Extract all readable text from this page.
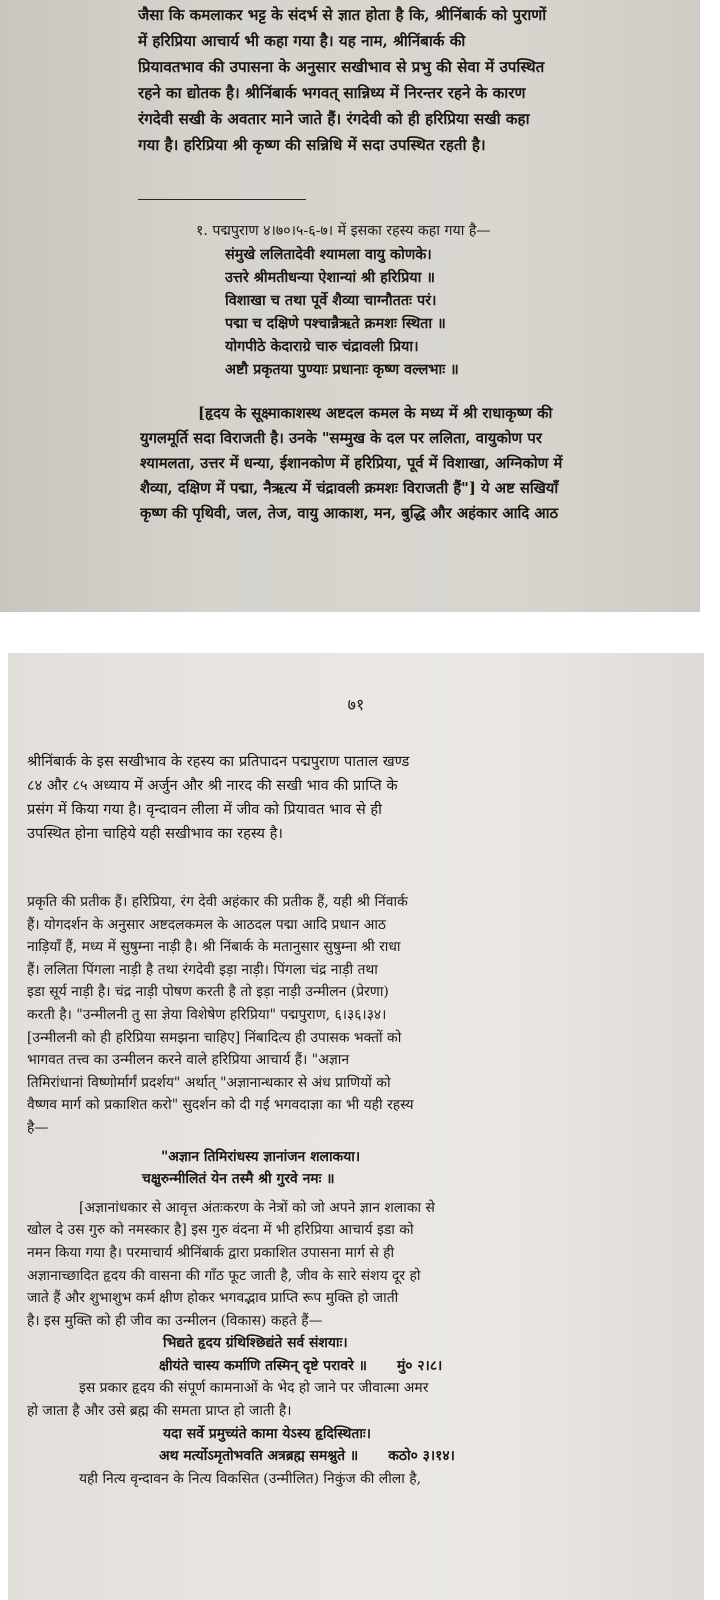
जैसा कि कमलाकर भट्ट के संदर्भ से ज्ञात होता है कि, श्रीनिंबार्क को पुराणों
में हरिप्रिया आचार्य भी कहा गया है। यह नाम, श्रीनिंबार्क की
प्रियावतभाव की उपासना के अनुसार सखीभाव से प्रभु की सेवा में उपस्थित
रहने का द्योतक है। श्रीनिंबार्क भगवत् सान्निध्य में निरन्तर रहने के कारण
रंगदेवी सखी के अवतार माने जाते हैं। रंगदेवी को ही हरिप्रिया सखी कहा
गया है। हरिप्रिया श्री कृष्ण की सन्निधि में सदा उपस्थित रहती है।
१. पद्मपुराण ४।७०।५-६-७। में इसका रहस्य कहा गया है—
संमुखे ललितादेवी श्यामला वायु कोणके।
उत्तरे श्रीमतीधन्या ऐशान्यां श्री हरिप्रिया ॥
विशाखा च तथा पूर्वे शैव्या चाग्नौततः परं।
पद्मा च दक्षिणे पश्चान्नैऋते क्रमशः स्थिता ॥
योगपीठे केदाराग्रे चारु चंद्रावली प्रिया।
अष्टौ प्रकृतया पुण्याः प्रधानाः कृष्ण वल्लभाः ॥
[हृदय के सूक्ष्माकाशस्थ अष्टदल कमल के मध्य में श्री राधाकृष्ण की
युगलमूर्ति सदा विराजती है। उनके "सम्मुख के दल पर ललिता, वायुकोण पर
श्यामलता, उत्तर में धन्या, ईशानकोण में हरिप्रिया, पूर्व में विशाखा, अग्निकोण में
शैव्या, दक्षिण में पद्मा, नैऋत्य में चंद्रावली क्रमशः विराजती हैं"] ये अष्ट सखियाँ
कृष्ण की पृथिवी, जल, तेज, वायु आकाश, मन, बुद्धि और अहंकार आदि आठ
७१
श्रीनिंबार्क के इस सखीभाव के रहस्य का प्रतिपादन पद्मपुराण पाताल खण्ड
८४ और ८५ अध्याय में अर्जुन और श्री नारद की सखी भाव की प्राप्ति के
प्रसंग में किया गया है। वृन्दावन लीला में जीव को प्रियावत भाव से ही
उपस्थित होना चाहिये यही सखीभाव का रहस्य है।
प्रकृति की प्रतीक हैं। हरिप्रिया, रंग देवी अहंकार की प्रतीक हैं, यही श्री निंवार्क
हैं। योगदर्शन के अनुसार अष्टदलकमल के आठदल पद्मा आदि प्रधान आठ
नाड़ियाँ हैं, मध्य में सुषुम्ना नाड़ी है। श्री निंबार्क के मतानुसार सुषुम्ना श्री राधा
हैं। ललिता पिंगला नाड़ी है तथा रंगदेवी इड़ा नाड़ी। पिंगला चंद्र नाड़ी तथा
इडा सूर्य नाड़ी है। चंद्र नाड़ी पोषण करती है तो इड़ा नाड़ी उन्मीलन (प्रेरणा)
करती है। "उन्मीलनी तु सा ज्ञेया विशेषेण हरिप्रिया" पद्मपुराण, ६।३६।३४।
[उन्मीलनी को ही हरिप्रिया समझना चाहिए] निंबादित्य ही उपासक भक्तों को
भागवत तत्त्व का उन्मीलन करने वाले हरिप्रिया आचार्य हैं। "अज्ञान
तिमिरांधानां विष्णोर्मार्गं प्रदर्शय" अर्थात् "अज्ञानान्धकार से अंध प्राणियों को
वैष्णव मार्ग को प्रकाशित करो" सुदर्शन को दी गई भगवदाज्ञा का भी यही रहस्य
है—
"अज्ञान तिमिरांधस्य ज्ञानांजन शलाकया।
चक्षुरुन्मीलितं येन तस्मै श्री गुरवे नमः ॥
[अज्ञानांधकार से आवृत्त अंतःकरण के नेत्रों को जो अपने ज्ञान शलाका से
खोल दे उस गुरु को नमस्कार है] इस गुरु वंदना में भी हरिप्रिया आचार्य इडा को
नमन किया गया है। परमाचार्य श्रीनिंबार्क द्वारा प्रकाशित उपासना मार्ग से ही
अज्ञानाच्छादित हृदय की वासना की गाँठ फूट जाती है, जीव के सारे संशय दूर हो
जाते हैं और शुभाशुभ कर्म क्षीण होकर भगवद्भाव प्राप्ति रूप मुक्ति हो जाती
है। इस मुक्ति को ही जीव का उन्मीलन (विकास) कहते हैं—
भिद्यते हृदय ग्रंथिश्छिद्यंते सर्व संशयाः।
क्षीयंते चास्य कर्माणि तस्मिन् दृष्टे परावरे ॥ मुं० २।८।
इस प्रकार हृदय की संपूर्ण कामनाओं के भेद हो जाने पर जीवात्मा अमर
हो जाता है और उसे ब्रह्म की समता प्राप्त हो जाती है।
यदा सर्वे प्रमुच्यंते कामा येऽस्य हृदिस्थिताः।
अथ मर्त्योऽमृतोभवति अत्रब्रह्म समश्नुते ॥ कठो० ३।१४।
यही नित्य वृन्दावन के नित्य विकसित (उन्मीलित) निकुंज की लीला है,
